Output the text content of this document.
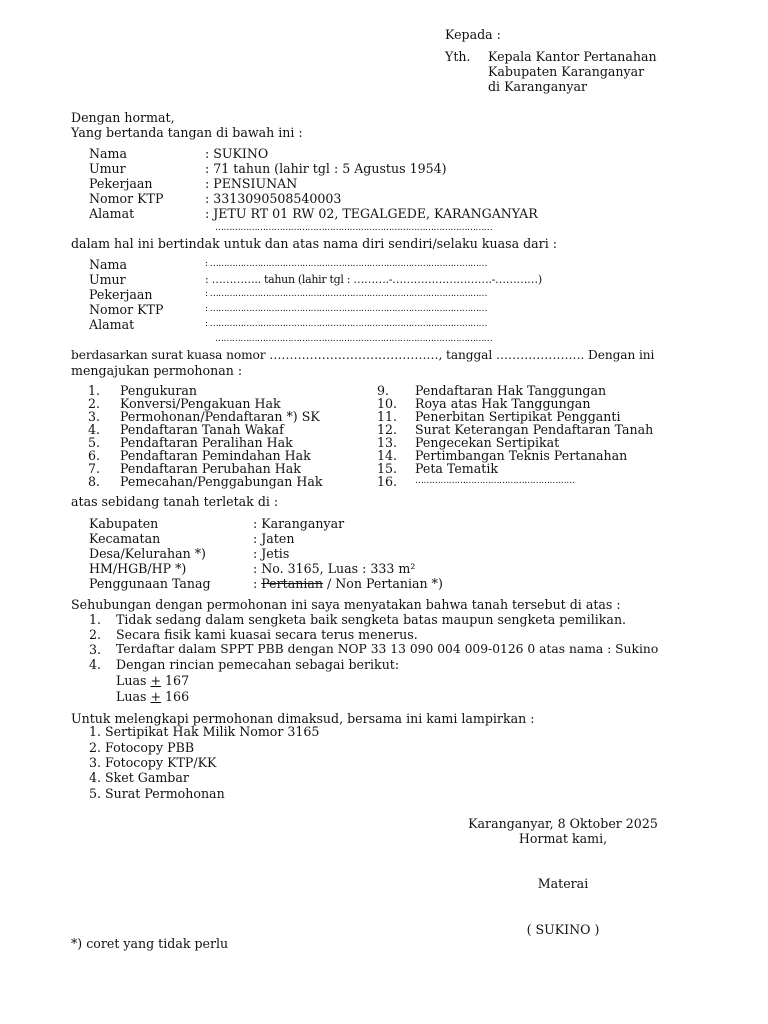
Kepada :
Yth. Kepala Kantor Pertanahan
Kabupaten Karanganyar
di Karanganyar
Dengan hormat,
Yang bertanda tangan di bawah ini :
Nama	: SUKINO
Umur	: 71 tahun (lahir tgl : 5 Agustus 1954)
Pekerjaan	: PENSIUNAN
Nomor KTP	: 3313090508540003
Alamat	: JETU RT 01 RW 02, TEGALGEDE, KARANGANYAR
………………………………………………………………………………………
dalam hal ini bertindak untuk dan atas nama diri sendiri/selaku kuasa dari :
Nama	: ………………………………………………………………………………………
Umur	: ………….. tahun (lahir tgl : ……….-……………………….-…………)
Pekerjaan	: ………………………………………………………………………………………
Nomor KTP	: ………………………………………………………………………………………
Alamat	: ………………………………………………………………………………………
………………………………………………………………………………………
berdasarkan surat kuasa nomor ……………………………………, tanggal …………………. Dengan ini
mengajukan permohonan :
1. Pengukuran
2. Konversi/Pengakuan Hak
3. Permohonan/Pendaftaran *) SK
4. Pendaftaran Tanah Wakaf
5. Pendaftaran Peralihan Hak
6. Pendaftaran Pemindahan Hak
7. Pendaftaran Perubahan Hak
8. Pemecahan/Penggabungan Hak
9. Pendaftaran Hak Tanggungan
10. Roya atas Hak Tanggungan
11. Penerbitan Sertipikat Pengganti
12. Surat Keterangan Pendaftaran Tanah
13. Pengecekan Sertipikat
14. Pertimbangan Teknis Pertanahan
15. Peta Tematik
16. …………………………………………………
atas sebidang tanah terletak di :
Kabupaten	: Karanganyar
Kecamatan	: Jaten
Desa/Kelurahan *)	: Jetis
HM/HGB/HP *)	: No. 3165, Luas : 333 m²
Penggunaan Tanag	: Pertanian / Non Pertanian *)
Sehubungan dengan permohonan ini saya menyatakan bahwa tanah tersebut di atas :
1. Tidak sedang dalam sengketa baik sengketa batas maupun sengketa pemilikan.
2. Secara fisik kami kuasai secara terus menerus.
3. Terdaftar dalam SPPT PBB dengan NOP 33 13 090 004 009-0126 0 atas nama : Sukino
4. Dengan rincian pemecahan sebagai berikut:
Luas + 167
Luas + 166
Untuk melengkapi permohonan dimaksud, bersama ini kami lampirkan :
1. Sertipikat Hak Milik Nomor 3165
2. Fotocopy PBB
3. Fotocopy KTP/KK
4. Sket Gambar
5. Surat Permohonan
Karanganyar, 8 Oktober 2025
Hormat kami,
Materai
( SUKINO )
*) coret yang tidak perlu
